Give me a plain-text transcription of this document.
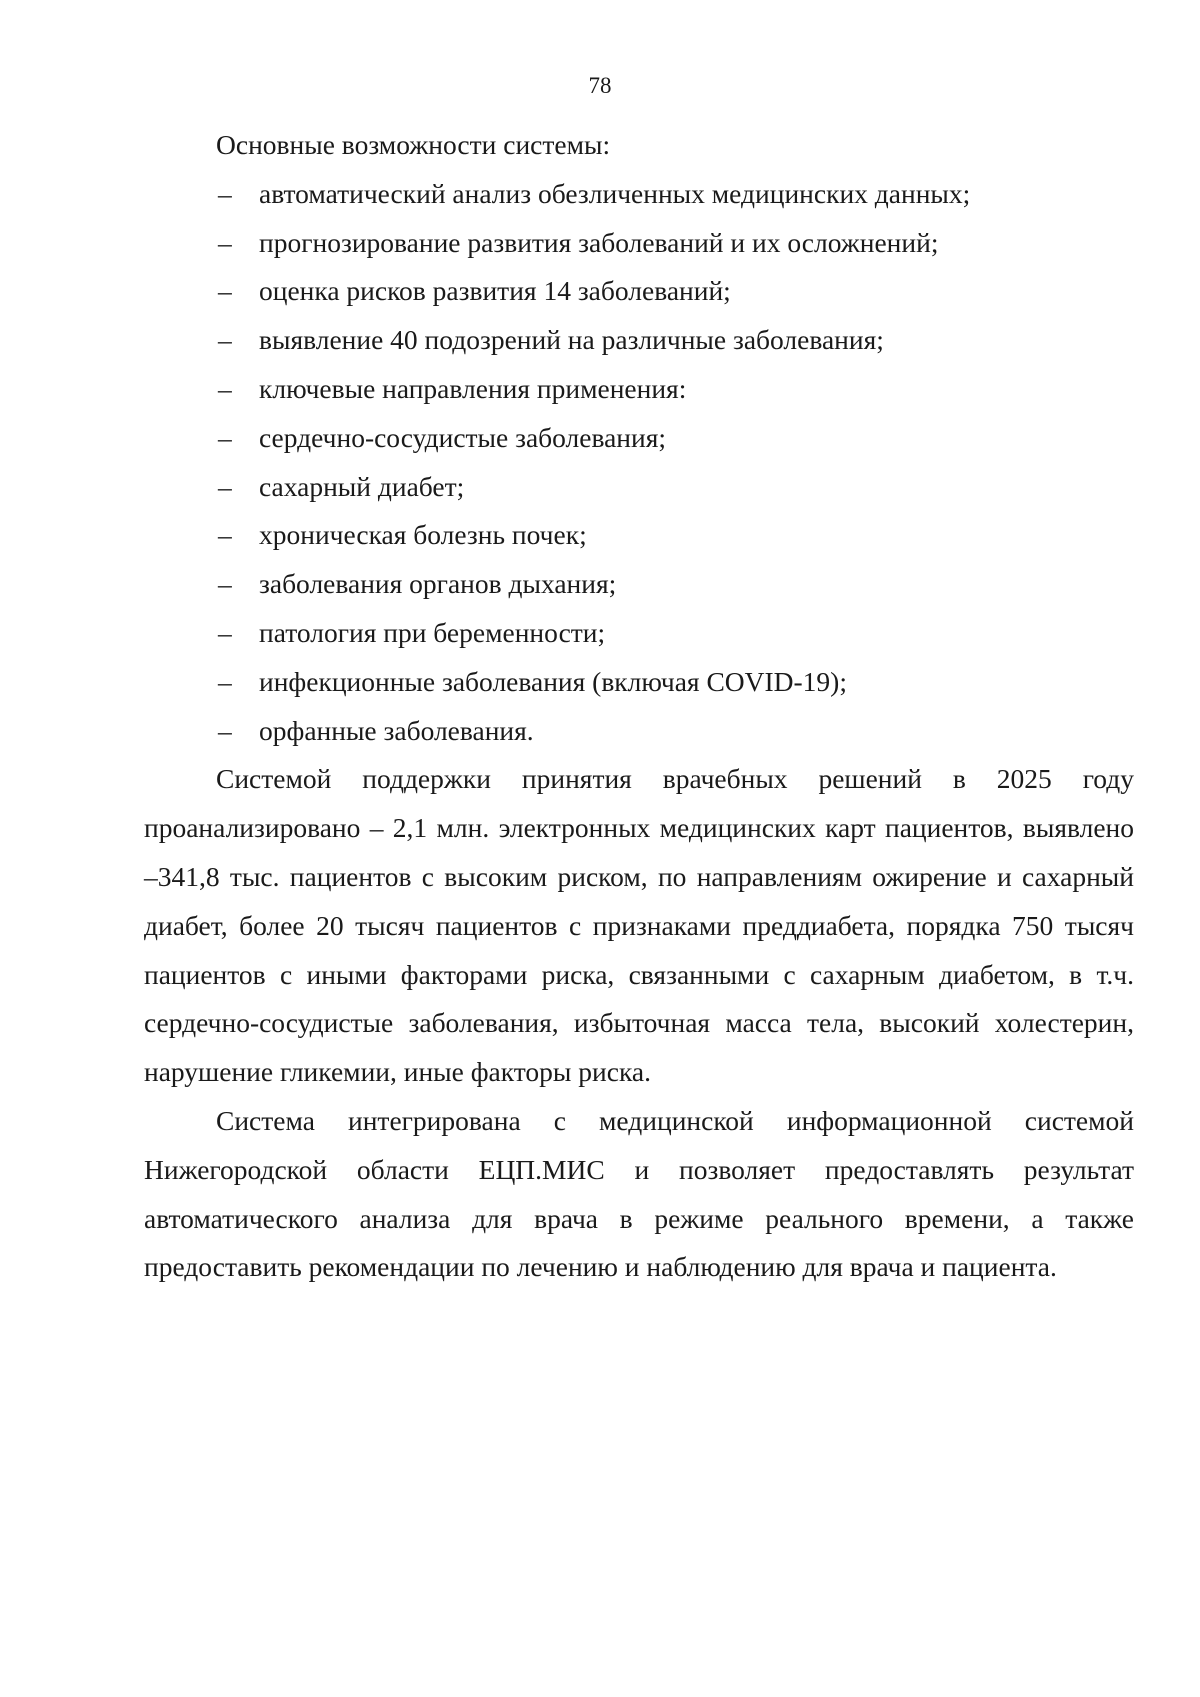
78

Основные возможности системы:

– автоматический анализ обезличенных медицинских данных;
– прогнозирование развития заболеваний и их осложнений;
– оценка рисков развития 14 заболеваний;
– выявление 40 подозрений на различные заболевания;
– ключевые направления применения:
– сердечно-сосудистые заболевания;
– сахарный диабет;
– хроническая болезнь почек;
– заболевания органов дыхания;
– патология при беременности;
– инфекционные заболевания (включая COVID-19);
– орфанные заболевания.

Системой поддержки принятия врачебных решений в 2025 году проанализировано – 2,1 млн. электронных медицинских карт пациентов, выявлено –341,8 тыс. пациентов с высоким риском, по направлениям ожирение и сахарный диабет, более 20 тысяч пациентов с признаками преддиабета, порядка 750 тысяч пациентов с иными факторами риска, связанными с сахарным диабетом, в т.ч. сердечно-сосудистые заболевания, избыточная масса тела, высокий холестерин, нарушение гликемии, иные факторы риска.

Система интегрирована с медицинской информационной системой Нижегородской области ЕЦП.МИС и позволяет предоставлять результат автоматического анализа для врача в режиме реального времени, а также предоставить рекомендации по лечению и наблюдению для врача и пациента.
